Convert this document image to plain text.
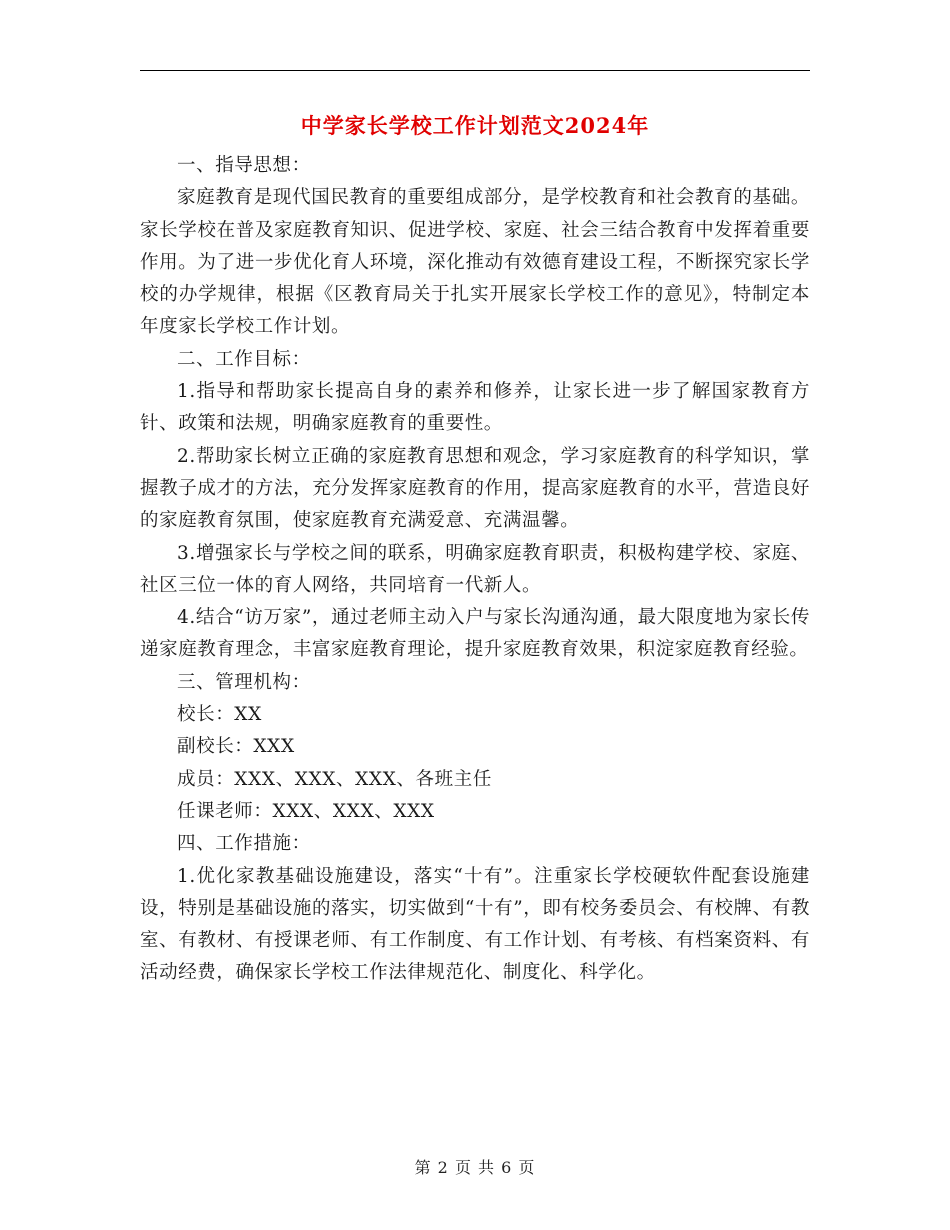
中学家长学校工作计划范文2024年

一、指导思想：

家庭教育是现代国民教育的重要组成部分，是学校教育和社会教育的基础。家长学校在普及家庭教育知识、促进学校、家庭、社会三结合教育中发挥着重要作用。为了进一步优化育人环境，深化推动有效德育建设工程，不断探究家长学校的办学规律，根据《区教育局关于扎实开展家长学校工作的意见》，特制定本年度家长学校工作计划。

二、工作目标：

1.指导和帮助家长提高自身的素养和修养，让家长进一步了解国家教育方针、政策和法规，明确家庭教育的重要性。

2.帮助家长树立正确的家庭教育思想和观念，学习家庭教育的科学知识，掌握教子成才的方法，充分发挥家庭教育的作用，提高家庭教育的水平，营造良好的家庭教育氛围，使家庭教育充满爱意、充满温馨。

3.增强家长与学校之间的联系，明确家庭教育职责，积极构建学校、家庭、社区三位一体的育人网络，共同培育一代新人。

4.结合“访万家”，通过老师主动入户与家长沟通沟通，最大限度地为家长传递家庭教育理念，丰富家庭教育理论，提升家庭教育效果，积淀家庭教育经验。

三、管理机构：

校长：XX

副校长：XXX

成员：XXX、XXX、XXX、各班主任

任课老师：XXX、XXX、XXX

四、工作措施：

1.优化家教基础设施建设，落实“十有”。注重家长学校硬软件配套设施建设，特别是基础设施的落实，切实做到“十有”，即有校务委员会、有校牌、有教室、有教材、有授课老师、有工作制度、有工作计划、有考核、有档案资料、有活动经费，确保家长学校工作法律规范化、制度化、科学化。

第 2 页 共 6 页
